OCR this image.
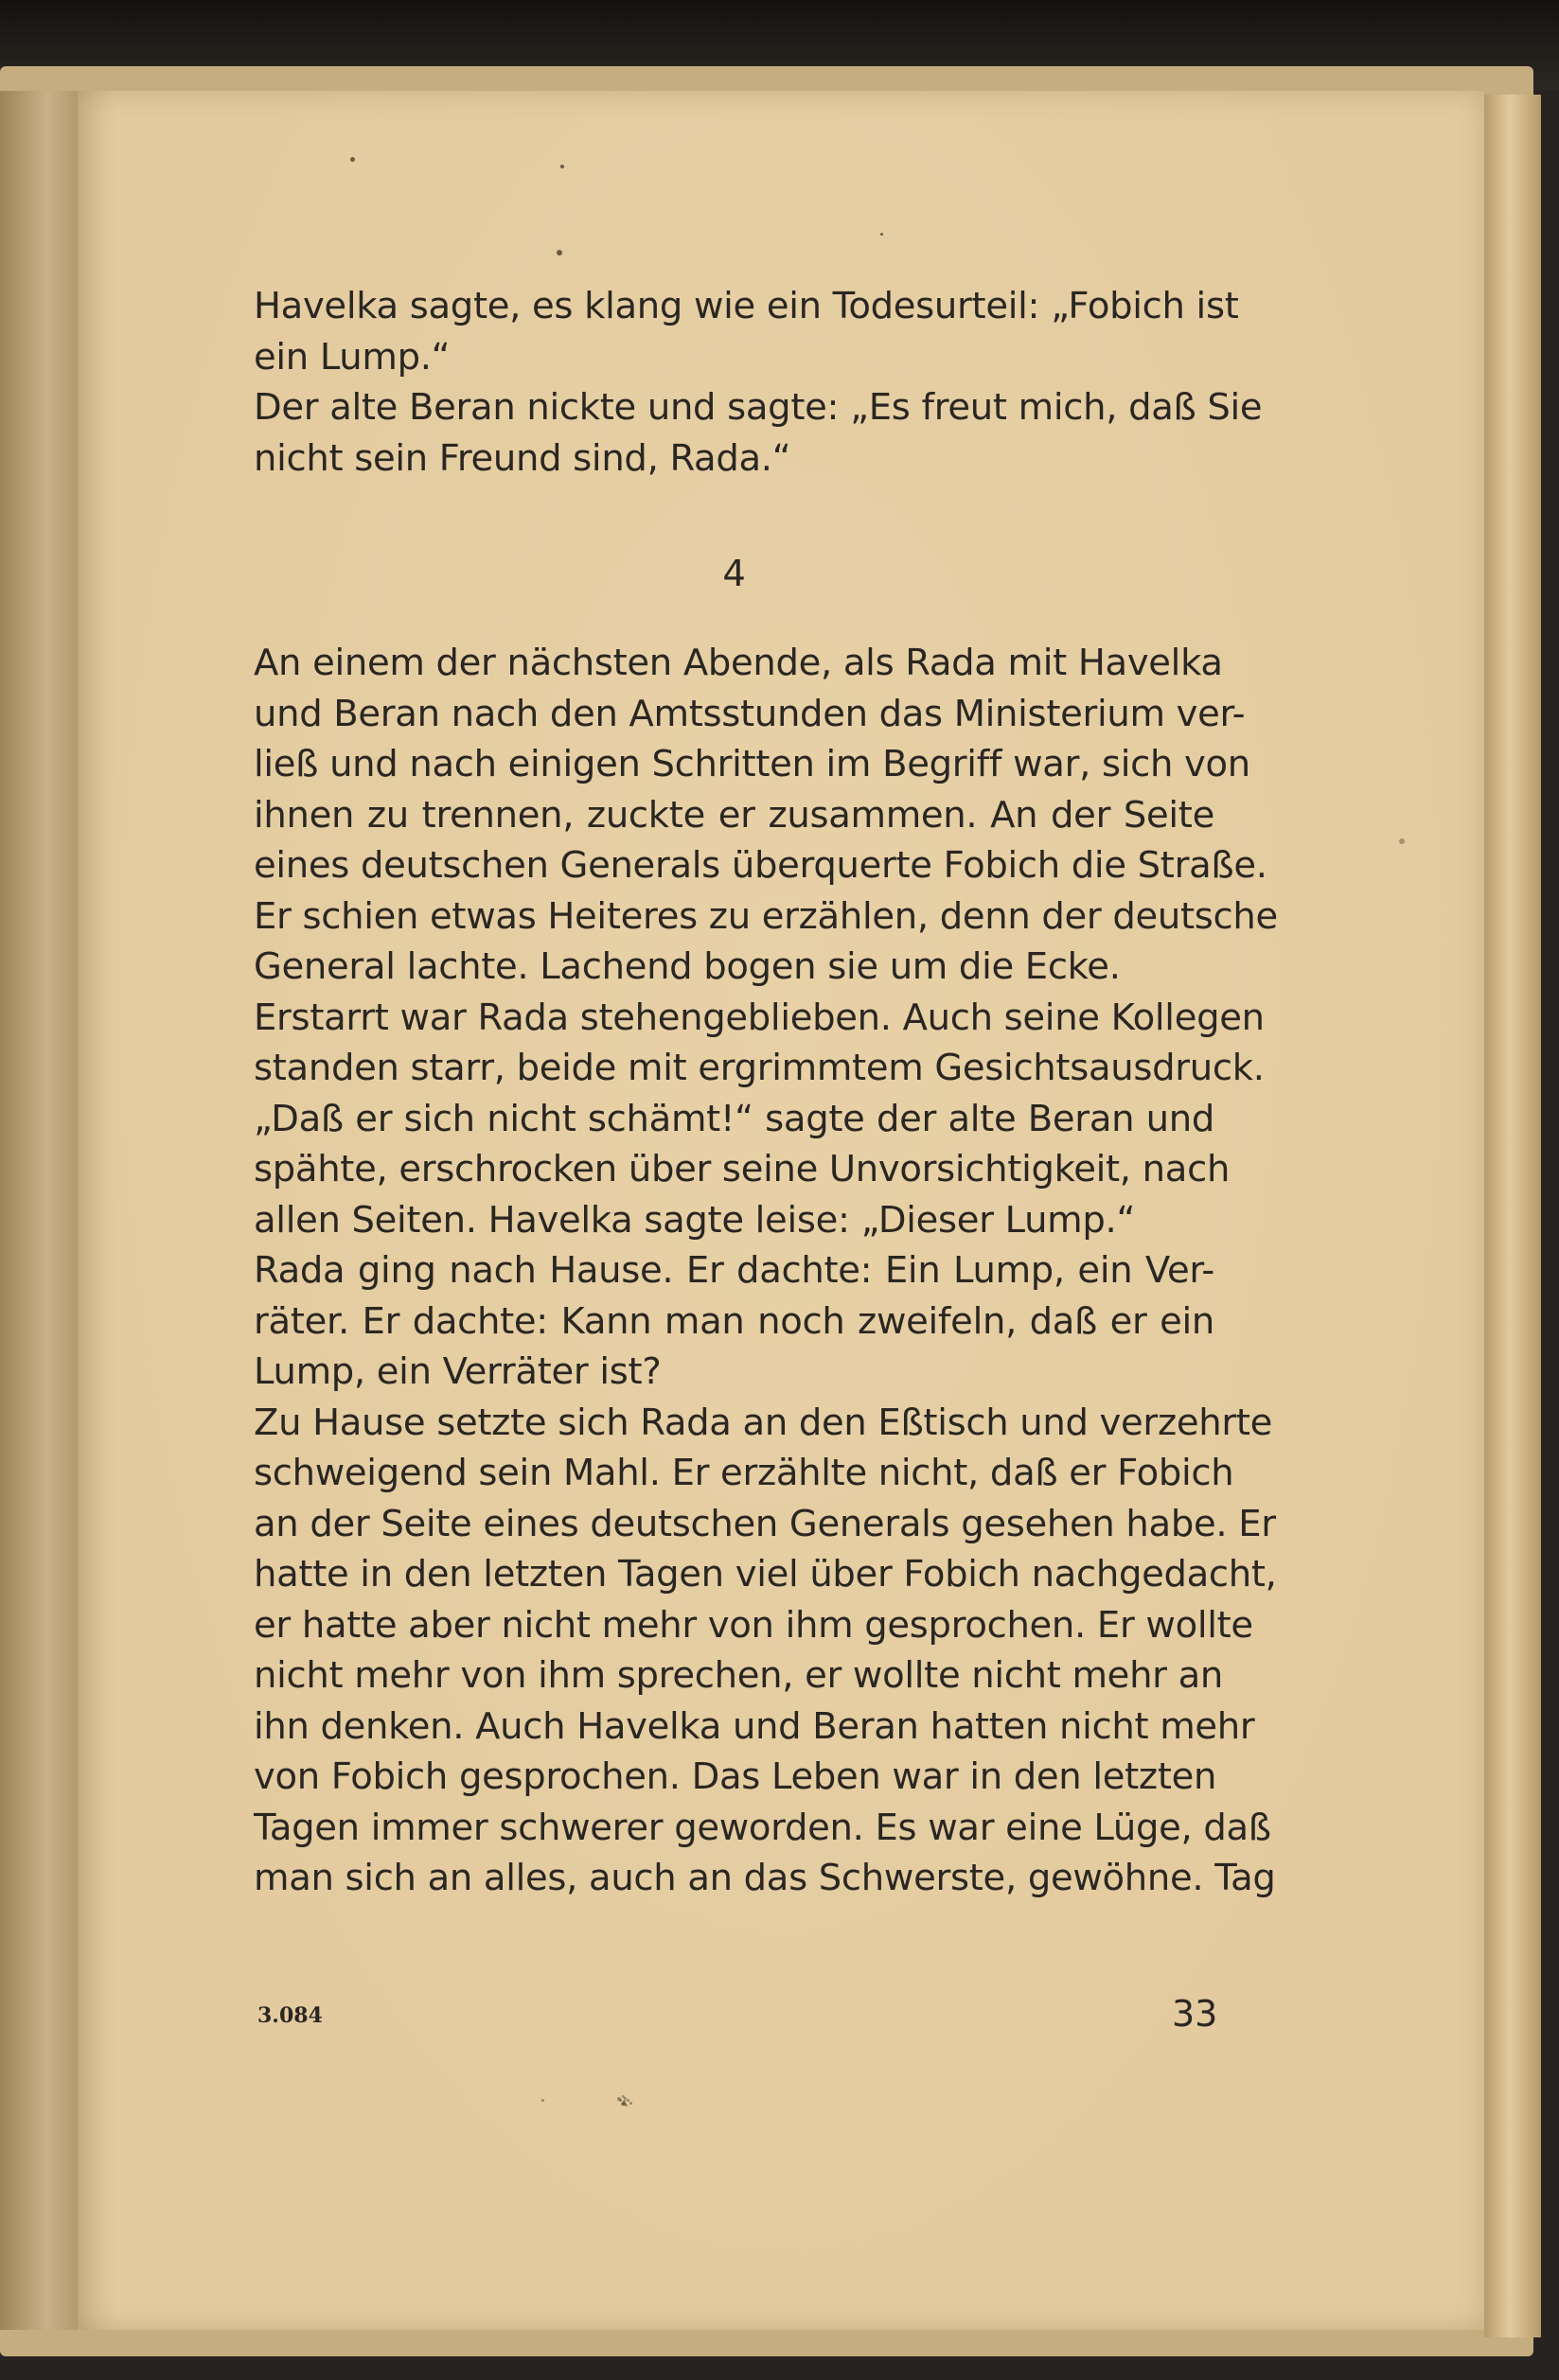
Havelka sagte, es klang wie ein Todesurteil: „Fobich ist
ein Lump.“
Der alte Beran nickte und sagte: „Es freut mich, daß Sie
nicht sein Freund sind, Rada.“
4
An einem der nächsten Abende, als Rada mit Havelka
und Beran nach den Amtsstunden das Ministerium ver-
ließ und nach einigen Schritten im Begriff war, sich von
ihnen zu trennen, zuckte er zusammen. An der Seite
eines deutschen Generals überquerte Fobich die Straße.
Er schien etwas Heiteres zu erzählen, denn der deutsche
General lachte. Lachend bogen sie um die Ecke.
Erstarrt war Rada stehengeblieben. Auch seine Kollegen
standen starr, beide mit ergrimmtem Gesichtsausdruck.
„Daß er sich nicht schämt!“ sagte der alte Beran und
spähte, erschrocken über seine Unvorsichtigkeit, nach
allen Seiten. Havelka sagte leise: „Dieser Lump.“
Rada ging nach Hause. Er dachte: Ein Lump, ein Ver-
räter. Er dachte: Kann man noch zweifeln, daß er ein
Lump, ein Verräter ist?
Zu Hause setzte sich Rada an den Eßtisch und verzehrte
schweigend sein Mahl. Er erzählte nicht, daß er Fobich
an der Seite eines deutschen Generals gesehen habe. Er
hatte in den letzten Tagen viel über Fobich nachgedacht,
er hatte aber nicht mehr von ihm gesprochen. Er wollte
nicht mehr von ihm sprechen, er wollte nicht mehr an
ihn denken. Auch Havelka und Beran hatten nicht mehr
von Fobich gesprochen. Das Leben war in den letzten
Tagen immer schwerer geworden. Es war eine Lüge, daß
man sich an alles, auch an das Schwerste, gewöhne. Tag
3.084	33
